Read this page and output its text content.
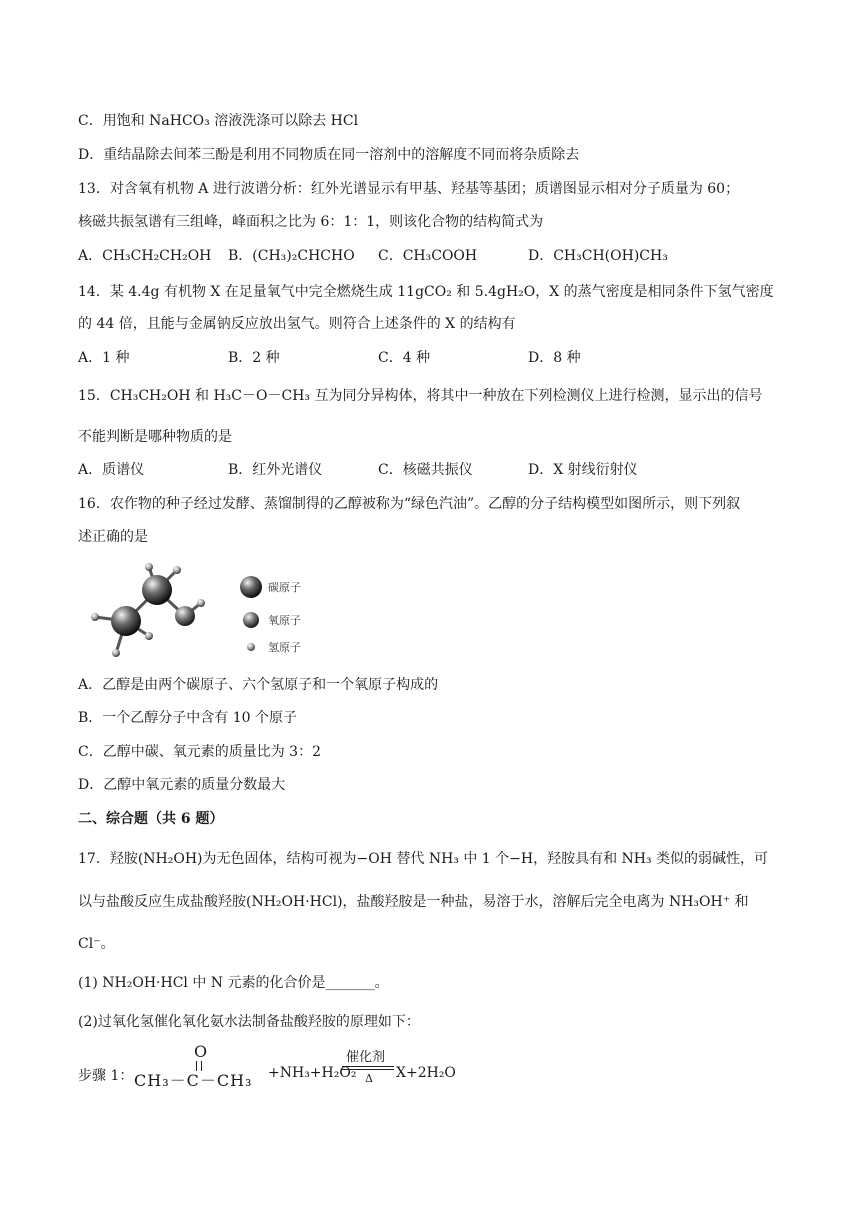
C．用饱和 NaHCO₃ 溶液洗涤可以除去 HCl
D．重结晶除去间苯三酚是利用不同物质在同一溶剂中的溶解度不同而将杂质除去
13．对含氧有机物 A 进行波谱分析：红外光谱显示有甲基、羟基等基团；质谱图显示相对分子质量为 60；
核磁共振氢谱有三组峰，峰面积之比为 6：1：1，则该化合物的结构简式为
A．CH₃CH₂CH₂OH B．(CH₃)₂CHCHO C．CH₃COOH	D．CH₃CH(OH)CH₃
14．某 4.4g 有机物 X 在足量氧气中完全燃烧生成 11gCO₂ 和 5.4gH₂O，X 的蒸气密度是相同条件下氢气密度
的 44 倍，且能与金属钠反应放出氢气。则符合上述条件的 X 的结构有
A．1 种	B．2 种	C．4 种	D．8 种
15．CH₃CH₂OH 和 H₃C－O－CH₃ 互为同分异构体，将其中一种放在下列检测仪上进行检测，显示出的信号
不能判断是哪种物质的是
A．质谱仪	B．红外光谱仪	C．核磁共振仪	D．X 射线衍射仪
16．农作物的种子经过发酵、蒸馏制得的乙醇被称为“绿色汽油”。乙醇的分子结构模型如图所示，则下列叙
述正确的是
碳原子
氧原子
氢原子
A．乙醇是由两个碳原子、六个氢原子和一个氧原子构成的
B．一个乙醇分子中含有 10 个原子
C．乙醇中碳、氧元素的质量比为 3：2
D．乙醇中氧元素的质量分数最大
二、综合题（共 6 题）
17．羟胺(NH₂OH)为无色固体，结构可视为−OH 替代 NH₃ 中 1 个−H，羟胺具有和 NH₃ 类似的弱碱性，可
以与盐酸反应生成盐酸羟胺(NH₂OH·HCl)，盐酸羟胺是一种盐，易溶于水，溶解后完全电离为 NH₃OH⁺ 和
Cl⁻。
(1) NH₂OH·HCl 中 N 元素的化合价是_______。
(2)过氧化氢催化氧化氨水法制备盐酸羟胺的原理如下：
步骤 1：
O
CH₃－C－CH₃ +NH₃+H₂O₂
催化剂
Δ X+2H₂O
